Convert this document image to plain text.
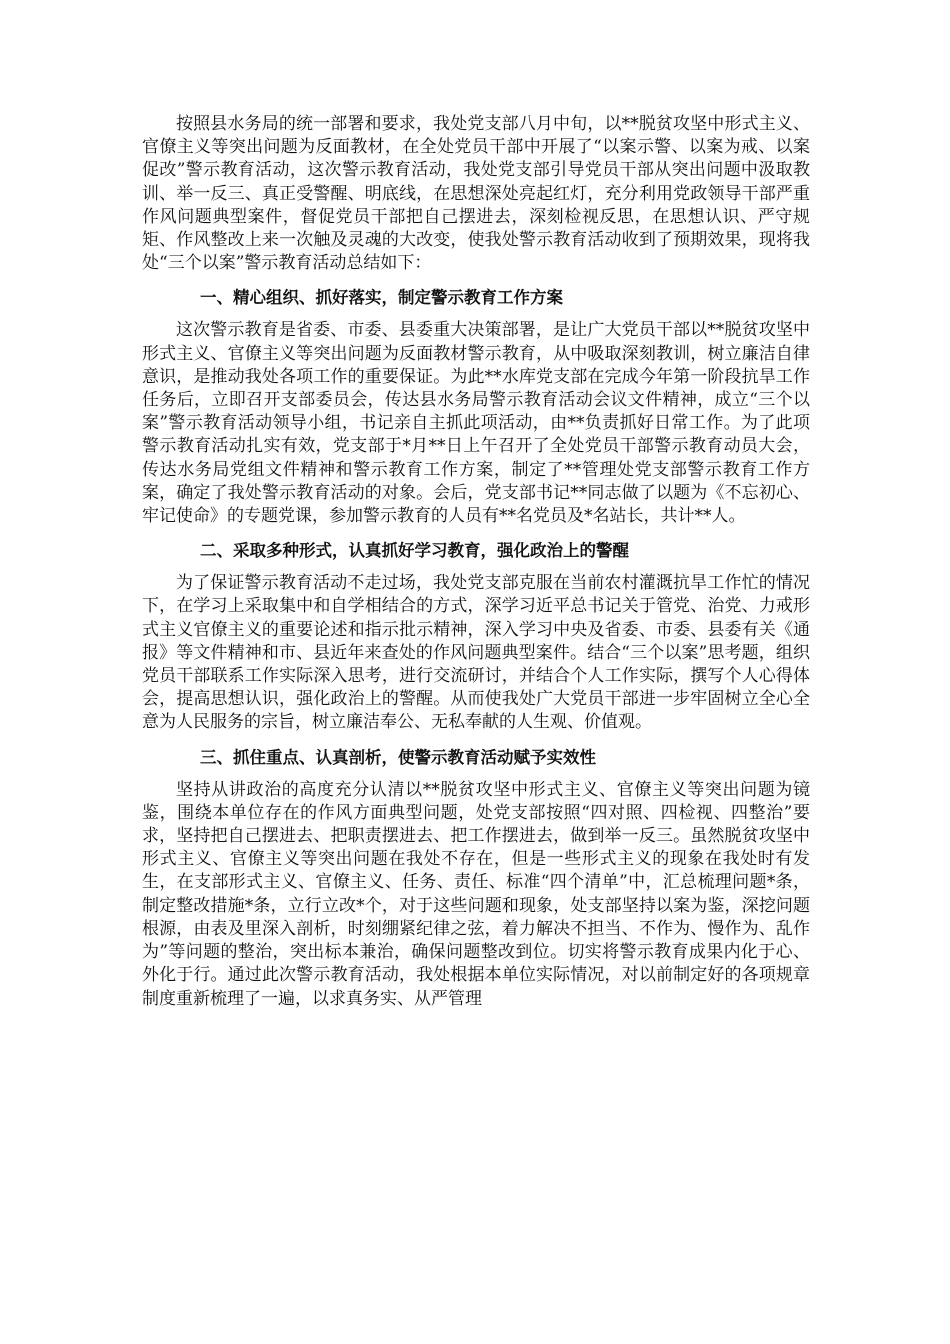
按照县水务局的统一部署和要求，我处党支部八月中旬，以**脱贫攻坚中形式主义、官僚主义等突出问题为反面教材，在全处党员干部中开展了“以案示警、以案为戒、以案促改”警示教育活动，这次警示教育活动，我处党支部引导党员干部从突出问题中汲取教训、举一反三、真正受警醒、明底线，在思想深处亮起红灯，充分利用党政领导干部严重作风问题典型案件，督促党员干部把自己摆进去，深刻检视反思，在思想认识、严守规矩、作风整改上来一次触及灵魂的大改变，使我处警示教育活动收到了预期效果，现将我处“三个以案”警示教育活动总结如下：

一、精心组织、抓好落实，制定警示教育工作方案

这次警示教育是省委、市委、县委重大决策部署，是让广大党员干部以**脱贫攻坚中形式主义、官僚主义等突出问题为反面教材警示教育，从中吸取深刻教训，树立廉洁自律意识，是推动我处各项工作的重要保证。为此**水库党支部在完成今年第一阶段抗旱工作任务后，立即召开支部委员会，传达县水务局警示教育活动会议文件精神，成立“三个以案”警示教育活动领导小组，书记亲自主抓此项活动，由**负责抓好日常工作。为了此项警示教育活动扎实有效，党支部于*月**日上午召开了全处党员干部警示教育动员大会，传达水务局党组文件精神和警示教育工作方案，制定了**管理处党支部警示教育工作方案，确定了我处警示教育活动的对象。会后，党支部书记**同志做了以题为《不忘初心、牢记使命》的专题党课，参加警示教育的人员有**名党员及*名站长，共计**人。

二、采取多种形式，认真抓好学习教育，强化政治上的警醒

为了保证警示教育活动不走过场，我处党支部克服在当前农村灌溉抗旱工作忙的情况下，在学习上采取集中和自学相结合的方式，深学习近平总书记关于管党、治党、力戒形式主义官僚主义的重要论述和指示批示精神，深入学习中央及省委、市委、县委有关《通报》等文件精神和市、县近年来查处的作风问题典型案件。结合“三个以案”思考题，组织党员干部联系工作实际深入思考，进行交流研讨，并结合个人工作实际，撰写个人心得体会，提高思想认识，强化政治上的警醒。从而使我处广大党员干部进一步牢固树立全心全意为人民服务的宗旨，树立廉洁奉公、无私奉献的人生观、价值观。

三、抓住重点、认真剖析，使警示教育活动赋予实效性

坚持从讲政治的高度充分认清以**脱贫攻坚中形式主义、官僚主义等突出问题为镜鉴，围绕本单位存在的作风方面典型问题，处党支部按照“四对照、四检视、四整治”要求，坚持把自己摆进去、把职责摆进去、把工作摆进去，做到举一反三。虽然脱贫攻坚中形式主义、官僚主义等突出问题在我处不存在，但是一些形式主义的现象在我处时有发生，在支部形式主义、官僚主义、任务、责任、标准“四个清单”中，汇总梳理问题*条，制定整改措施*条，立行立改*个，对于这些问题和现象，处支部坚持以案为鉴，深挖问题根源，由表及里深入剖析，时刻绷紧纪律之弦，着力解决不担当、不作为、慢作为、乱作为”等问题的整治，突出标本兼治，确保问题整改到位。切实将警示教育成果内化于心、外化于行。通过此次警示教育活动，我处根据本单位实际情况，对以前制定好的各项规章制度重新梳理了一遍，以求真务实、从严管理
